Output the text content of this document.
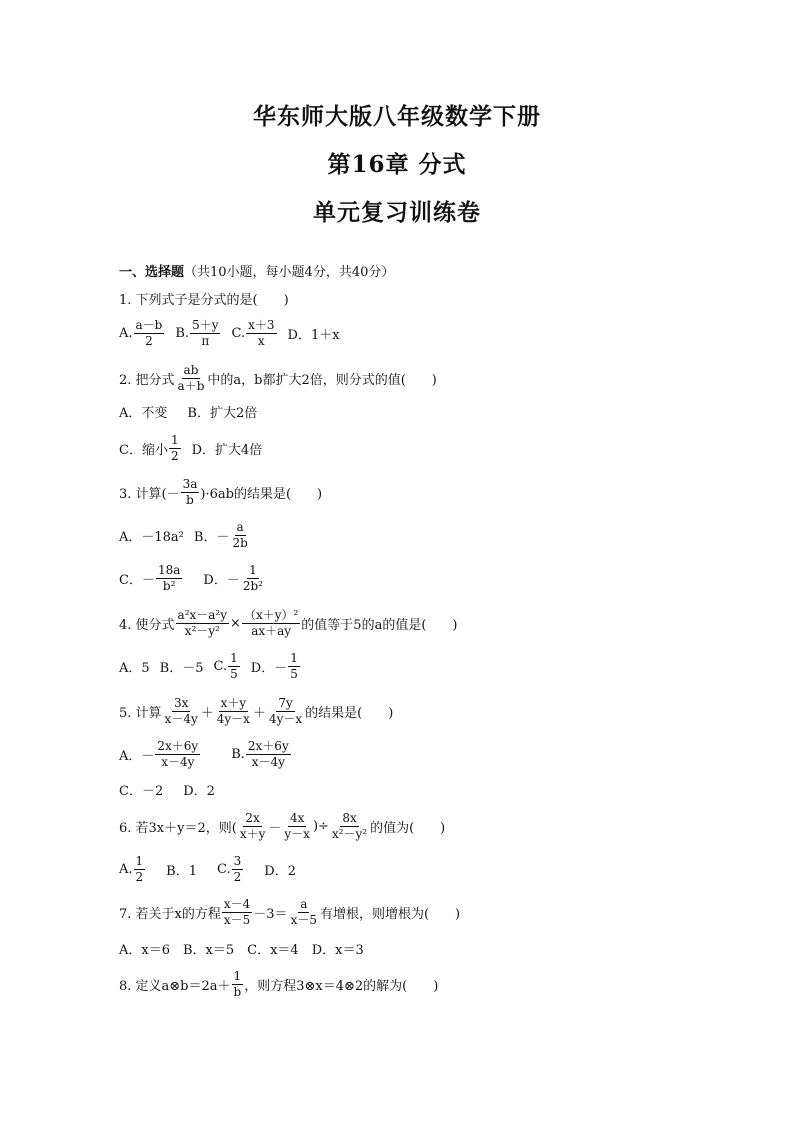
华东师大版八年级数学下册
第16章 分式
单元复习训练卷
一、选择题 （共10小题，每小题4分，共40分）
1. 下列式子是分式的是(　　)
A. $\frac{a-b}{2} B$. $\frac{5+y}{\pi} C$. $\frac{x+3}{x}$ D．1＋x
2. 把分式 $\frac{ab}{a+b}$ 中的a，b都扩大2倍，则分式的值(　　)
A．不变 B．扩大2倍
C．缩小 $\frac{1}{2}$ D．扩大4倍
3. 计算(－ $\frac{3a}{b} )\cdot 6ab$的结果是(　　)
A．－18a² B．－ $\frac{a}{2b}$
C．－ $\frac{18a}{\text{b²}}$ D．－ $\frac{1}{\text{2b²}}$
4. 使分式 $\frac{\text{a²x－a²y}}{\text{x²－y²}} \times \frac{\text{（x＋y）²}}{ax+ay}$ 的值等于5的a的值是(　　)
A．5 B．－5 C. $\frac{1}{5}$ D．－ $\frac{1}{5}$
5. 计算 $\frac{3x}{x-4y} + \frac{x+y}{4y-x} + \frac{7y}{4y-x}$ 的结果是(　　)
A．－ $\frac{2x+6y}{x-4y} B$. $\frac{2x+6y}{x-4y}$
C．－2 D．2
6. 若3x＋y＝2，则( $\frac{2x}{x+y} - \frac{4x}{y-x}$ )÷ $\frac{8x}{\text{x²－y²}}$ 的值为(　　)
A. $\frac{1}{2}$ B．1 C. $\frac{3}{2}$ D．2
7. 若关于x的方程 $\frac{x-4}{x-5} -3= \frac{a}{x-5}$ 有增根，则增根为(　　)
A．x＝6　B．x＝5　C．x＝4　D．x＝3
8. 定义a⊗b＝2a＋ $\frac{1}{b}$ ，则方程3⊗x＝4⊗2的解为(　　)
